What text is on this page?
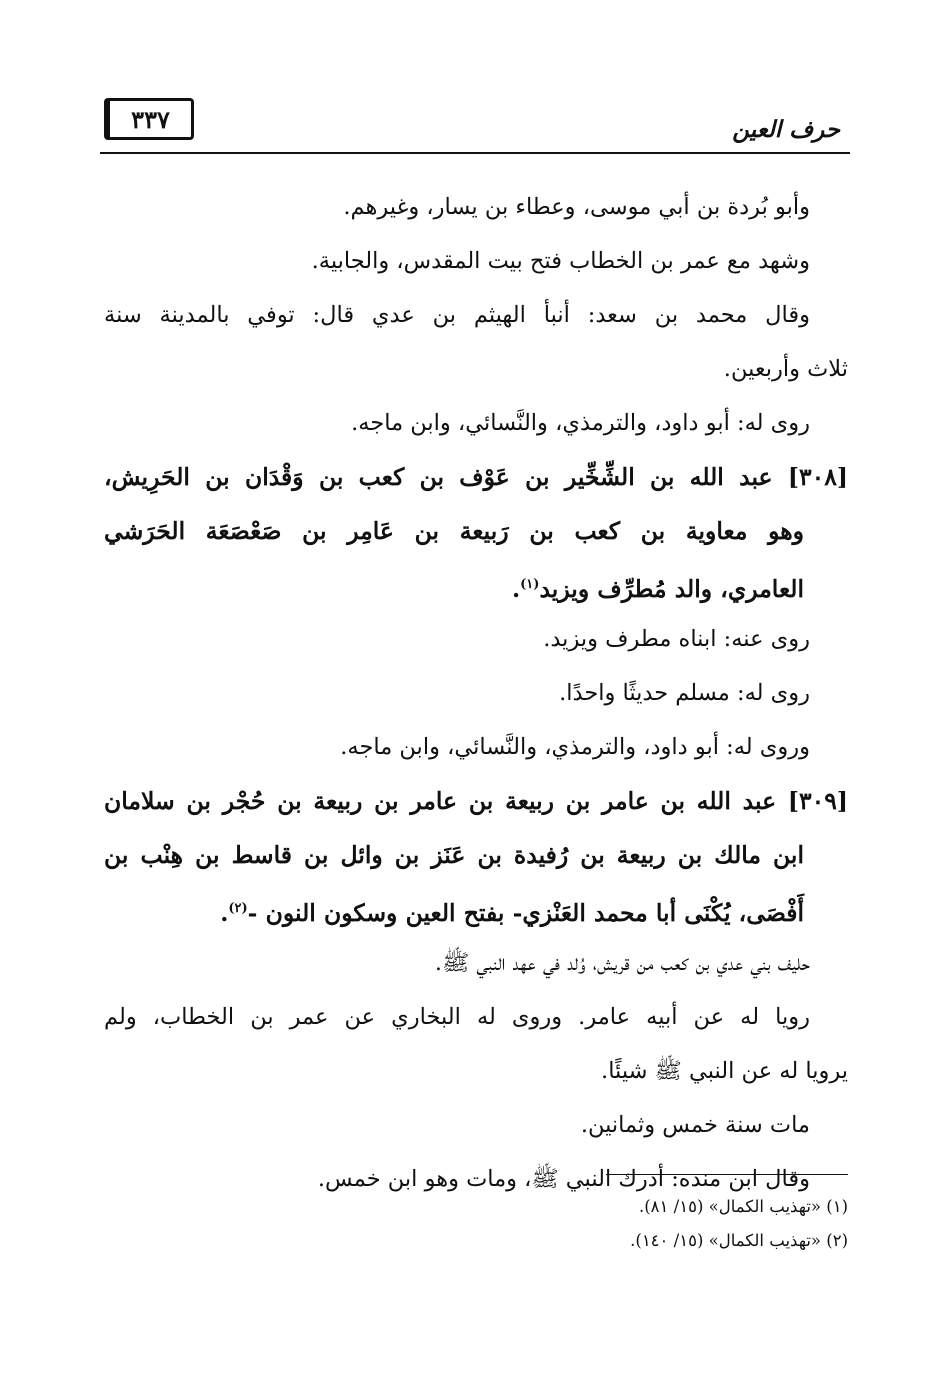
حرف العين
٣٣٧
وأبو بُردة بن أبي موسى، وعطاء بن يسار، وغيرهم.
وشهد مع عمر بن الخطاب فتح بيت المقدس، والجابية.
وقال محمد بن سعد: أنبأ الهيثم بن عدي قال: توفي بالمدينة سنة
ثلاث وأربعين.
روى له: أبو داود، والترمذي، والنَّسائي، وابن ماجه.
[٣٠٨] عبد الله بن الشِّخِّير بن عَوْف بن كعب بن وَقْدَان بن الحَرِيش،
وهو معاوية بن كعب بن رَبيعة بن عَامِر بن صَعْصَعَة الحَرَشي
العامري، والد مُطرِّف ويزيد$^{(١)}$.
روى عنه: ابناه مطرف ويزيد.
روى له: مسلم حديثًا واحدًا.
وروى له: أبو داود، والترمذي، والنَّسائي، وابن ماجه.
[٣٠٩] عبد الله بن عامر بن ربيعة بن عامر بن ربيعة بن حُجْر بن سلامان
ابن مالك بن ربيعة بن رُفيدة بن عَنَز بن وائل بن قاسط بن هِنْب بن
أَفْصَى، يُكْنَى أبا محمد العَنْزي- بفتح العين وسكون النون -$^{(٢)}$.
حليف بني عدي بن كعب من قريش، وُلد في عهد النبي ﷺ.
رويا له عن أبيه عامر. وروى له البخاري عن عمر بن الخطاب، ولم
يرويا له عن النبي ﷺ شيئًا.
مات سنة خمس وثمانين.
وقال ابن منده: أدرك النبي ﷺ، ومات وهو ابن خمس.
(١) «تهذيب الكمال» (١٥/ ٨١).
(٢) «تهذيب الكمال» (١٥/ ١٤٠).
